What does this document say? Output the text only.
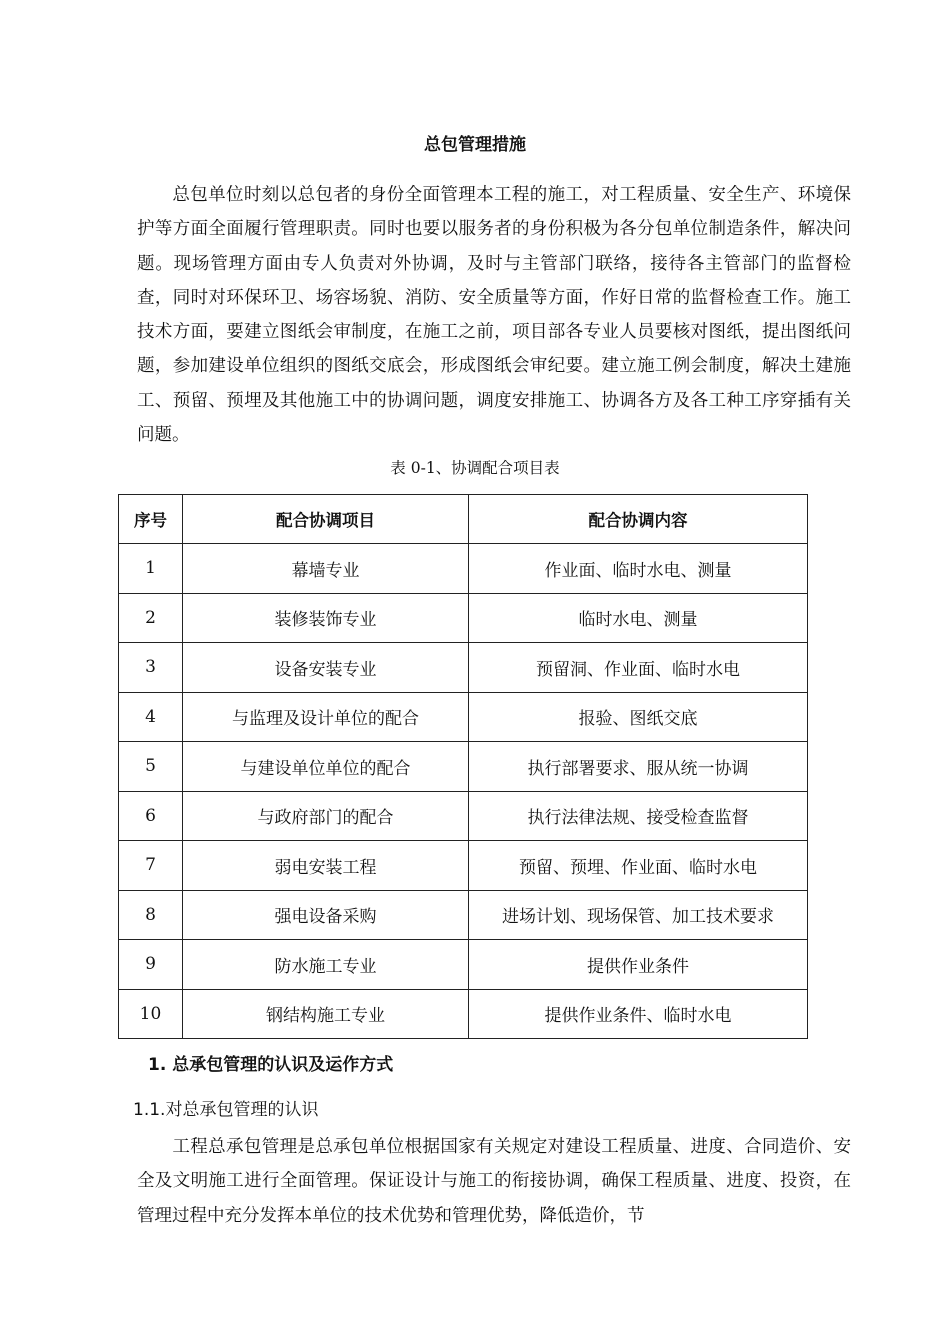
总包管理措施

总包单位时刻以总包者的身份全面管理本工程的施工，对工程质量、安全生产、环境保护等方面全面履行管理职责。同时也要以服务者的身份积极为各分包单位制造条件，解决问题。现场管理方面由专人负责对外协调，及时与主管部门联络，接待各主管部门的监督检查，同时对环保环卫、场容场貌、消防、安全质量等方面，作好日常的监督检查工作。施工技术方面，要建立图纸会审制度，在施工之前，项目部各专业人员要核对图纸，提出图纸问题，参加建设单位组织的图纸交底会，形成图纸会审纪要。建立施工例会制度，解决土建施工、预留、预埋及其他施工中的协调问题，调度安排施工、协调各方及各工种工序穿插有关问题。

表 0-1、协调配合项目表
序号	配合协调项目	配合协调内容
1	幕墙专业	作业面、临时水电、测量
2	装修装饰专业	临时水电、测量
3	设备安装专业	预留洞、作业面、临时水电
4	与监理及设计单位的配合	报验、图纸交底
5	与建设单位单位的配合	执行部署要求、服从统一协调
6	与政府部门的配合	执行法律法规、接受检查监督
7	弱电安装工程	预留、预埋、作业面、临时水电
8	强电设备采购	进场计划、现场保管、加工技术要求
9	防水施工专业	提供作业条件
10	钢结构施工专业	提供作业条件、临时水电
1. 总承包管理的认识及运作方式
1.1.对总承包管理的认识

工程总承包管理是总承包单位根据国家有关规定对建设工程质量、进度、合同造价、安全及文明施工进行全面管理。保证设计与施工的衔接协调，确保工程质量、进度、投资，在管理过程中充分发挥本单位的技术优势和管理优势，降低造价，节
